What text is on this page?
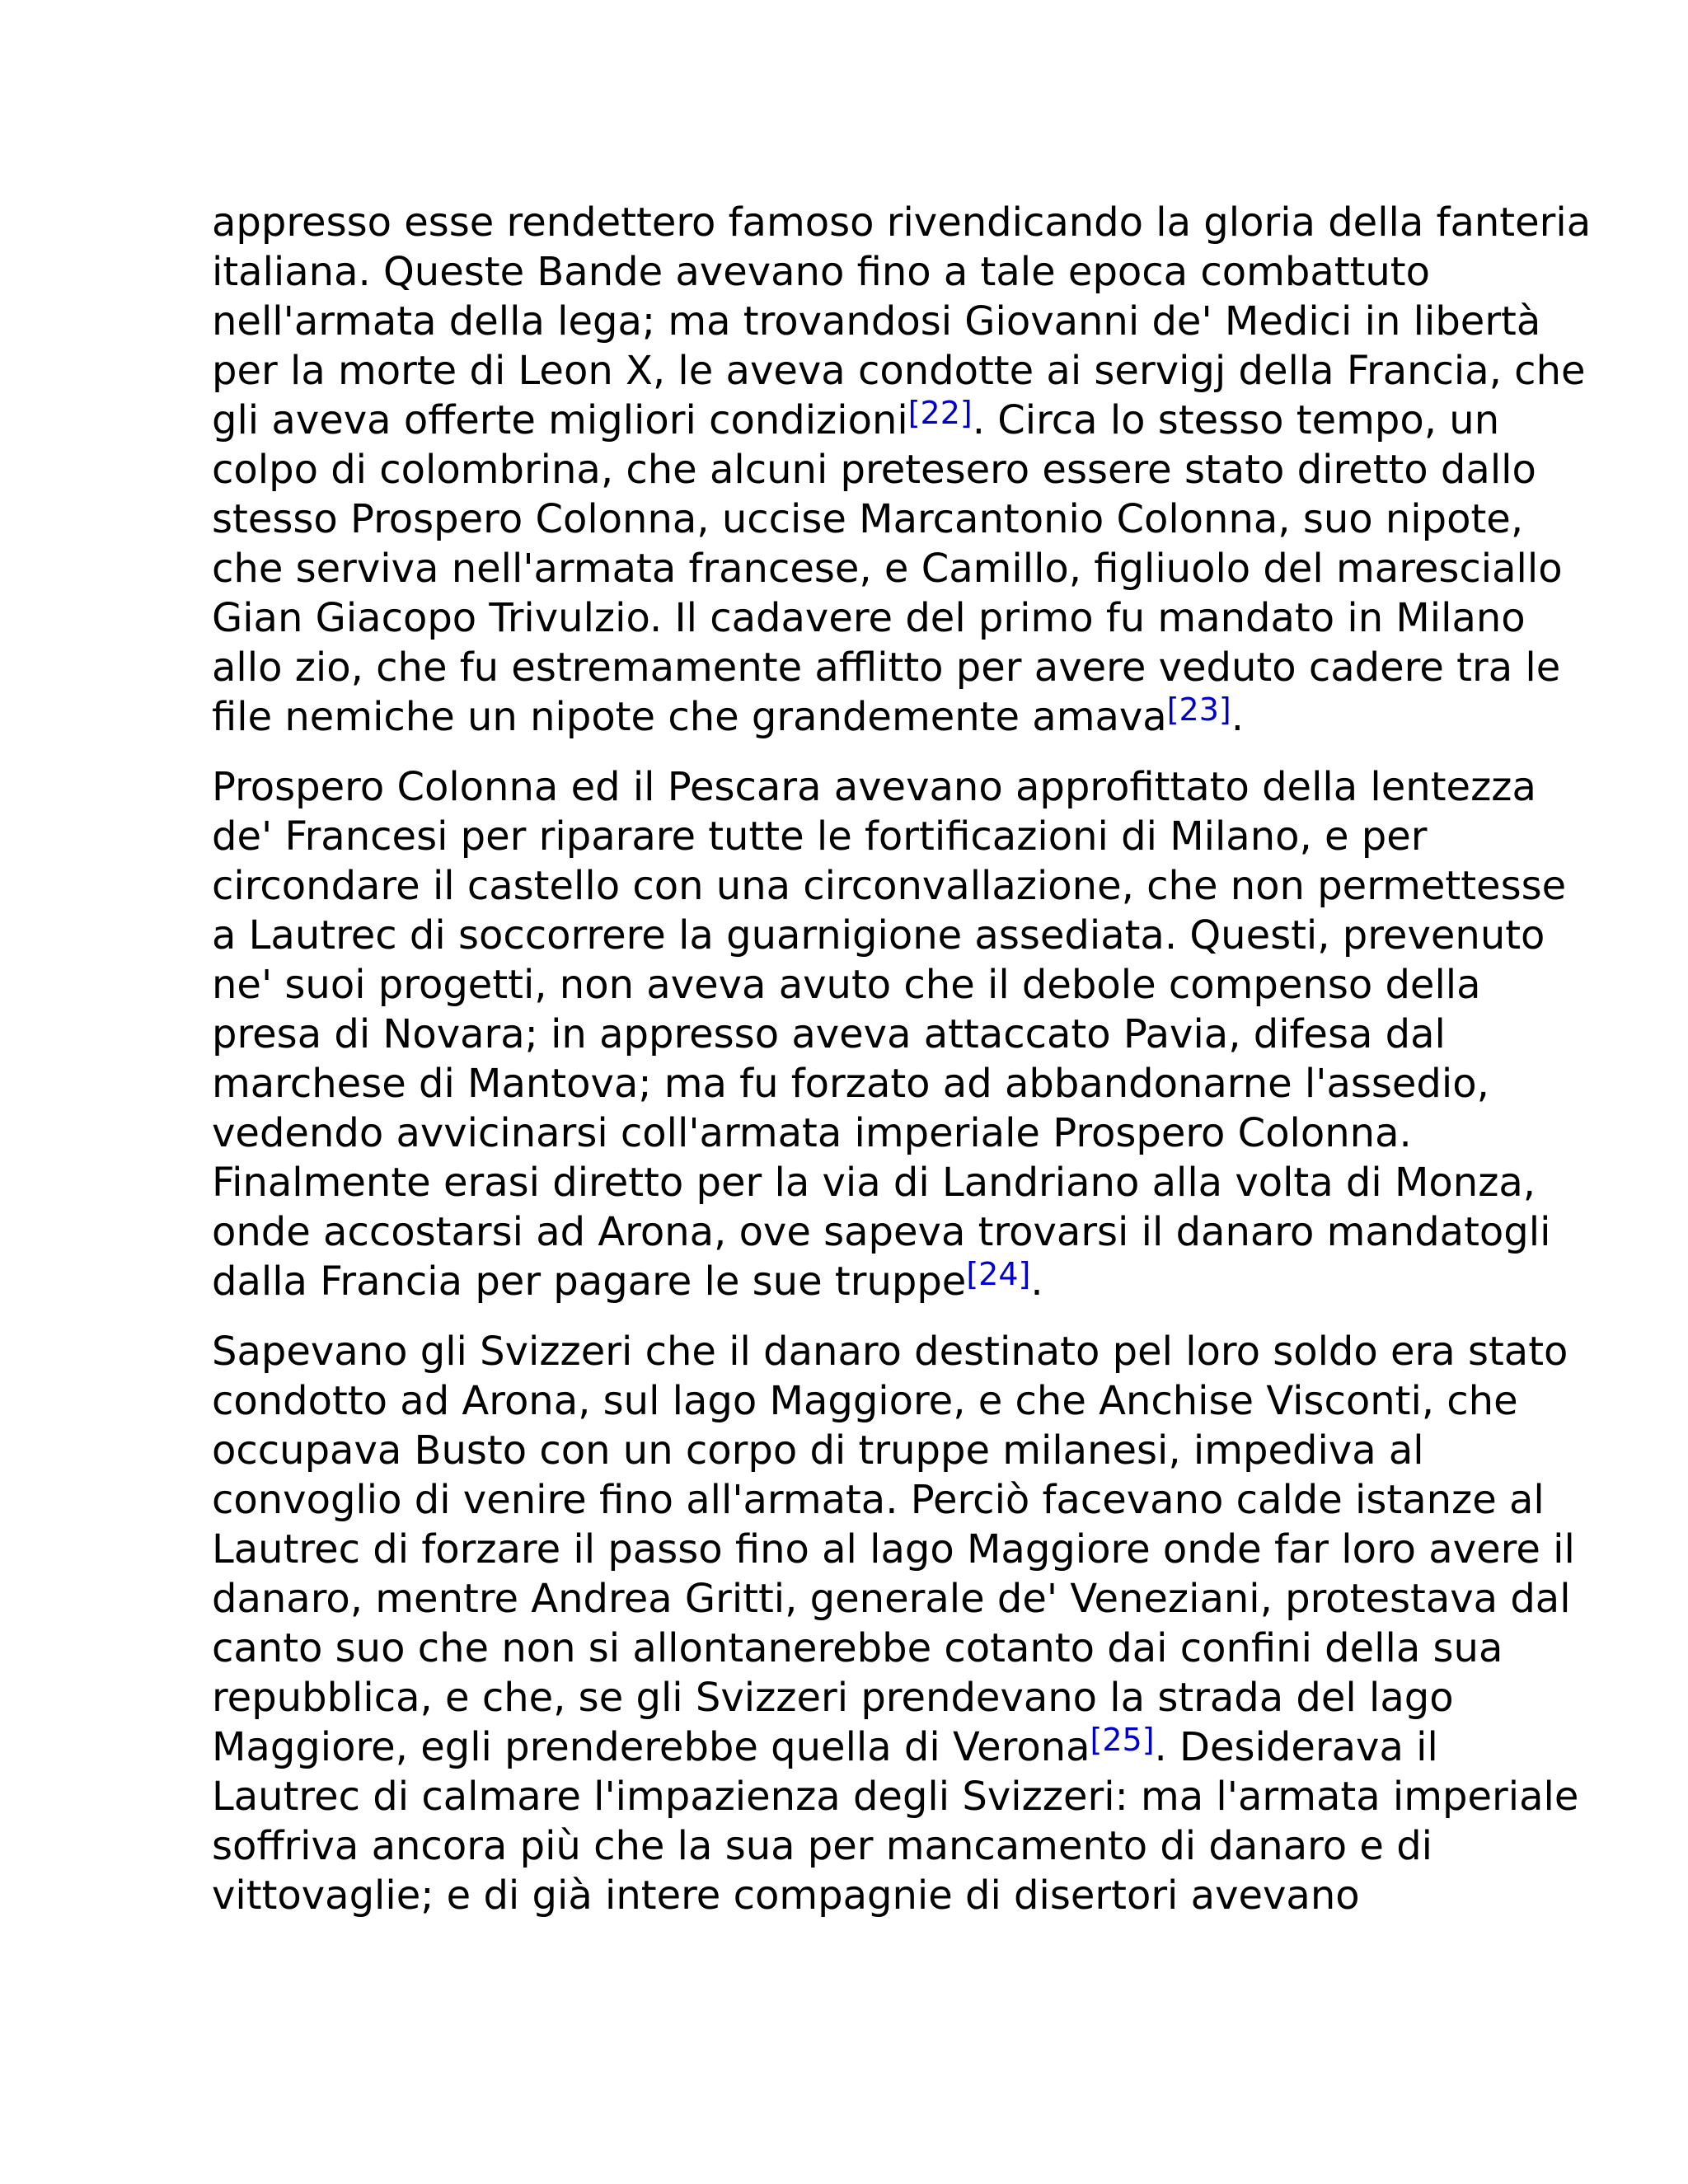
appresso esse rendettero famoso rivendicando la gloria della fanteria
italiana. Queste Bande avevano fino a tale epoca combattuto
nell'armata della lega; ma trovandosi Giovanni de' Medici in libertà
per la morte di Leon X, le aveva condotte ai servigj della Francia, che
gli aveva offerte migliori condizioni[22]. Circa lo stesso tempo, un
colpo di colombrina, che alcuni pretesero essere stato diretto dallo
stesso Prospero Colonna, uccise Marcantonio Colonna, suo nipote,
che serviva nell'armata francese, e Camillo, figliuolo del maresciallo
Gian Giacopo Trivulzio. Il cadavere del primo fu mandato in Milano
allo zio, che fu estremamente afflitto per avere veduto cadere tra le
file nemiche un nipote che grandemente amava[23].

Prospero Colonna ed il Pescara avevano approfittato della lentezza
de' Francesi per riparare tutte le fortificazioni di Milano, e per
circondare il castello con una circonvallazione, che non permettesse
a Lautrec di soccorrere la guarnigione assediata. Questi, prevenuto
ne' suoi progetti, non aveva avuto che il debole compenso della
presa di Novara; in appresso aveva attaccato Pavia, difesa dal
marchese di Mantova; ma fu forzato ad abbandonarne l'assedio,
vedendo avvicinarsi coll'armata imperiale Prospero Colonna.
Finalmente erasi diretto per la via di Landriano alla volta di Monza,
onde accostarsi ad Arona, ove sapeva trovarsi il danaro mandatogli
dalla Francia per pagare le sue truppe[24].

Sapevano gli Svizzeri che il danaro destinato pel loro soldo era stato
condotto ad Arona, sul lago Maggiore, e che Anchise Visconti, che
occupava Busto con un corpo di truppe milanesi, impediva al
convoglio di venire fino all'armata. Perciò facevano calde istanze al
Lautrec di forzare il passo fino al lago Maggiore onde far loro avere il
danaro, mentre Andrea Gritti, generale de' Veneziani, protestava dal
canto suo che non si allontanerebbe cotanto dai confini della sua
repubblica, e che, se gli Svizzeri prendevano la strada del lago
Maggiore, egli prenderebbe quella di Verona[25]. Desiderava il
Lautrec di calmare l'impazienza degli Svizzeri: ma l'armata imperiale
soffriva ancora più che la sua per mancamento di danaro e di
vittovaglie; e di già intere compagnie di disertori avevano
